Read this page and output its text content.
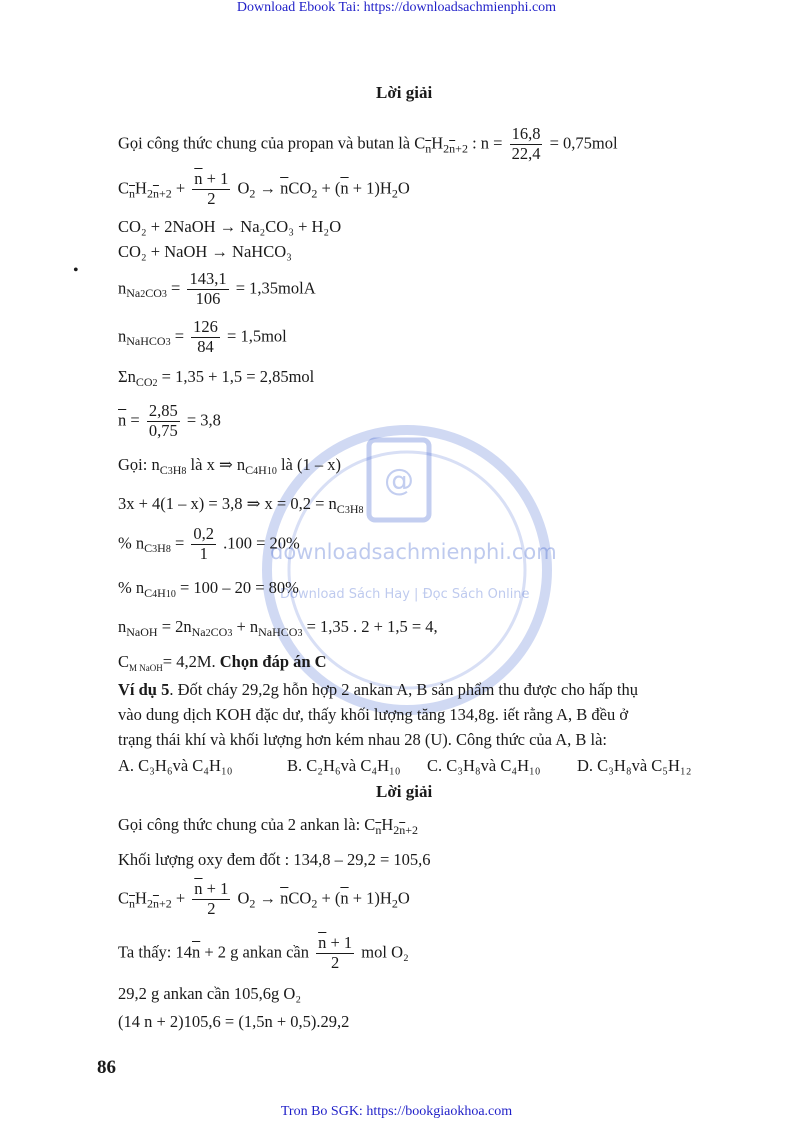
Download Ebook Tai: https://downloadsachmienphi.com
@
downloadsachmienphi.com
Download Sách Hay | Đọc Sách Online
Lời giải
Gọi công thức chung của propan và butan là $C_{\overline{n}}H_{2\overline{n}+2}$ : $n = \frac{16,8}{22,4} = 0,75mol$
$C_{\overline{n}}H_{2\overline{n}+2} + \frac{\overline{n} + 1}{2} O_2 \to \overline{n}CO_2 + (\overline{n} + 1)H_2O$
CO₂ + 2NaOH → Na₂CO₃ + H₂O
CO₂ + NaOH → NaHCO₃
•
$n_{Na2CO3} = \frac{143,1}{106}$ = 1,35molA
$n_{NaHCO3} = \frac{126}{84} = 1,5mol$
$\Sigma n_{CO2} = 1,35 + 1,5 = 2,85mol$
$\overline{n} = \frac{2,85}{0,75} = 3,8$
Gọi: $n_{C3H8}$ là x ⇒ $n_{C4H10}$ là (1 – x)
3x + 4(1 – x) = 3,8 ⇒ $x = 0,2 = n_{C3H8}$
% $n_{C3H8} = \frac{0,2}{1} .100 = 20\%$
% $n_{C4H10} = 100 - 20 = 80\%$
$n_{NaOH} = 2n_{Na2CO3} + n_{NaHCO3} = 1,35$ . 2 + 1,5 = 4,
$C_{M NaOH}= 4,2M$. Chọn đáp án C
Ví dụ 5. Đốt cháy 29,2g hỗn hợp 2 ankan A, B sản phẩm thu được cho hấp thụ
vào dung dịch KOH đặc dư, thấy khối lượng tăng 134,8g. iết rằng A, B đều ở
trạng thái khí và khối lượng hơn kém nhau 28 (U). Công thức của A, B là:
A. C₃H₆và C₄H₁₀	B. C₂H₆và C₄H₁₀ C. C₃H₈và C₄H₁₀ D. C₃H₈và C₅H₁₂
Lời giải
Gọi công thức chung của 2 ankan là: $C_{\overline{n}}H_{2\overline{n}+2}$
Khối lượng oxy đem đốt : 134,8 – 29,2 = 105,6
$C_{\overline{n}}H_{2\overline{n}+2} + \frac{\overline{n} + 1}{2} O_2 \to \overline{n}CO_2 + (\overline{n} + 1)H_2O$
Ta thấy: $14\overline{n} + 2$ g ankan cần $\frac{\overline{n} + 1}{2}$ mol O₂
29,2 g ankan cần 105,6g O₂
(14 n + 2)105,6 = (1,5n + 0,5).29,2
86
Tron Bo SGK: https://bookgiaokhoa.com
